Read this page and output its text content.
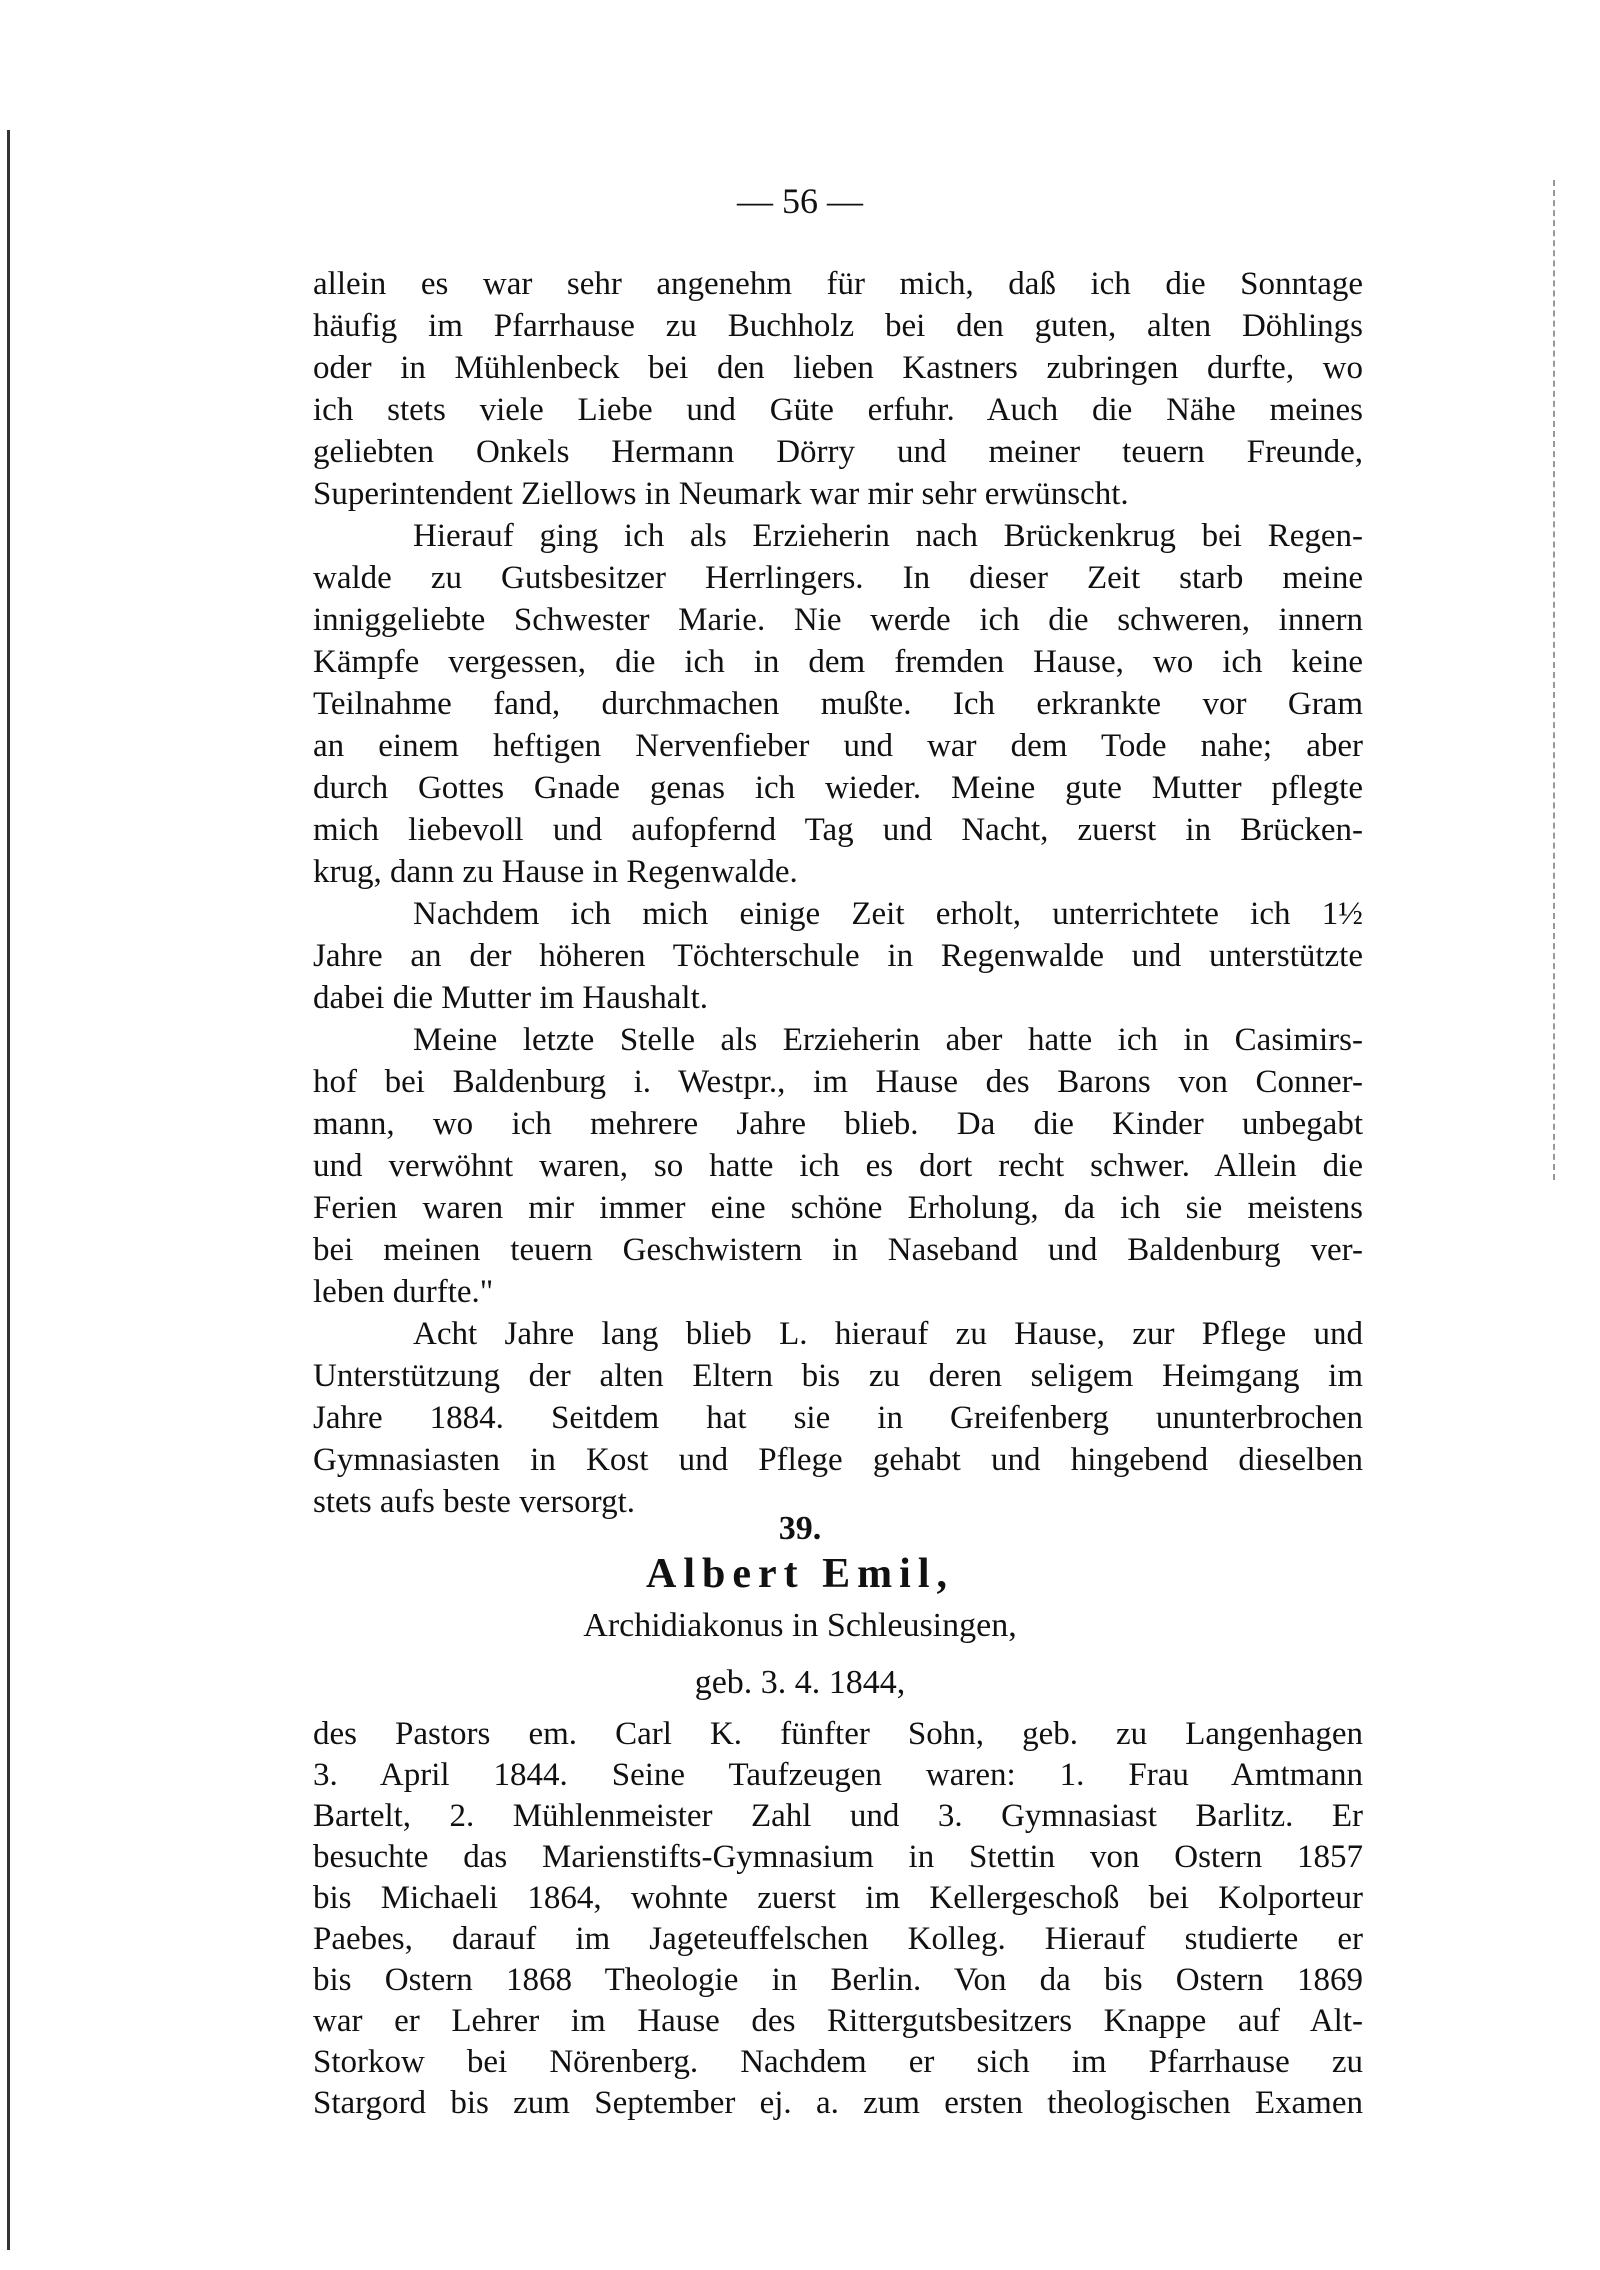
— 56 —
allein es war sehr angenehm für mich, daß ich die Sonntage
häufig im Pfarrhause zu Buchholz bei den guten, alten Döhlings
oder in Mühlenbeck bei den lieben Kastners zubringen durfte, wo
ich stets viele Liebe und Güte erfuhr. Auch die Nähe meines
geliebten Onkels Hermann Dörry und meiner teuern Freunde,
Superintendent Ziellows in Neumark war mir sehr erwünscht.
Hierauf ging ich als Erzieherin nach Brückenkrug bei Regen-
walde zu Gutsbesitzer Herrlingers. In dieser Zeit starb meine
inniggeliebte Schwester Marie. Nie werde ich die schweren, innern
Kämpfe vergessen, die ich in dem fremden Hause, wo ich keine
Teilnahme fand, durchmachen mußte. Ich erkrankte vor Gram
an einem heftigen Nervenfieber und war dem Tode nahe; aber
durch Gottes Gnade genas ich wieder. Meine gute Mutter pflegte
mich liebevoll und aufopfernd Tag und Nacht, zuerst in Brücken-
krug, dann zu Hause in Regenwalde.
Nachdem ich mich einige Zeit erholt, unterrichtete ich 1½
Jahre an der höheren Töchterschule in Regenwalde und unterstützte
dabei die Mutter im Haushalt.
Meine letzte Stelle als Erzieherin aber hatte ich in Casimirs-
hof bei Baldenburg i. Westpr., im Hause des Barons von Conner-
mann, wo ich mehrere Jahre blieb. Da die Kinder unbegabt
und verwöhnt waren, so hatte ich es dort recht schwer. Allein die
Ferien waren mir immer eine schöne Erholung, da ich sie meistens
bei meinen teuern Geschwistern in Naseband und Baldenburg ver-
leben durfte."
Acht Jahre lang blieb L. hierauf zu Hause, zur Pflege und
Unterstützung der alten Eltern bis zu deren seligem Heimgang im
Jahre 1884. Seitdem hat sie in Greifenberg ununterbrochen
Gymnasiasten in Kost und Pflege gehabt und hingebend dieselben
stets aufs beste versorgt.
39.
Albert Emil,
Archidiakonus in Schleusingen,
geb. 3. 4. 1844,
des Pastors em. Carl K. fünfter Sohn, geb. zu Langenhagen
3. April 1844. Seine Taufzeugen waren: 1. Frau Amtmann
Bartelt, 2. Mühlenmeister Zahl und 3. Gymnasiast Barlitz. Er
besuchte das Marienstifts-Gymnasium in Stettin von Ostern 1857
bis Michaeli 1864, wohnte zuerst im Kellergeschoß bei Kolporteur
Paebes, darauf im Jageteuffelschen Kolleg. Hierauf studierte er
bis Ostern 1868 Theologie in Berlin. Von da bis Ostern 1869
war er Lehrer im Hause des Rittergutsbesitzers Knappe auf Alt-
Storkow bei Nörenberg. Nachdem er sich im Pfarrhause zu
Stargord bis zum September ej. a. zum ersten theologischen Examen
